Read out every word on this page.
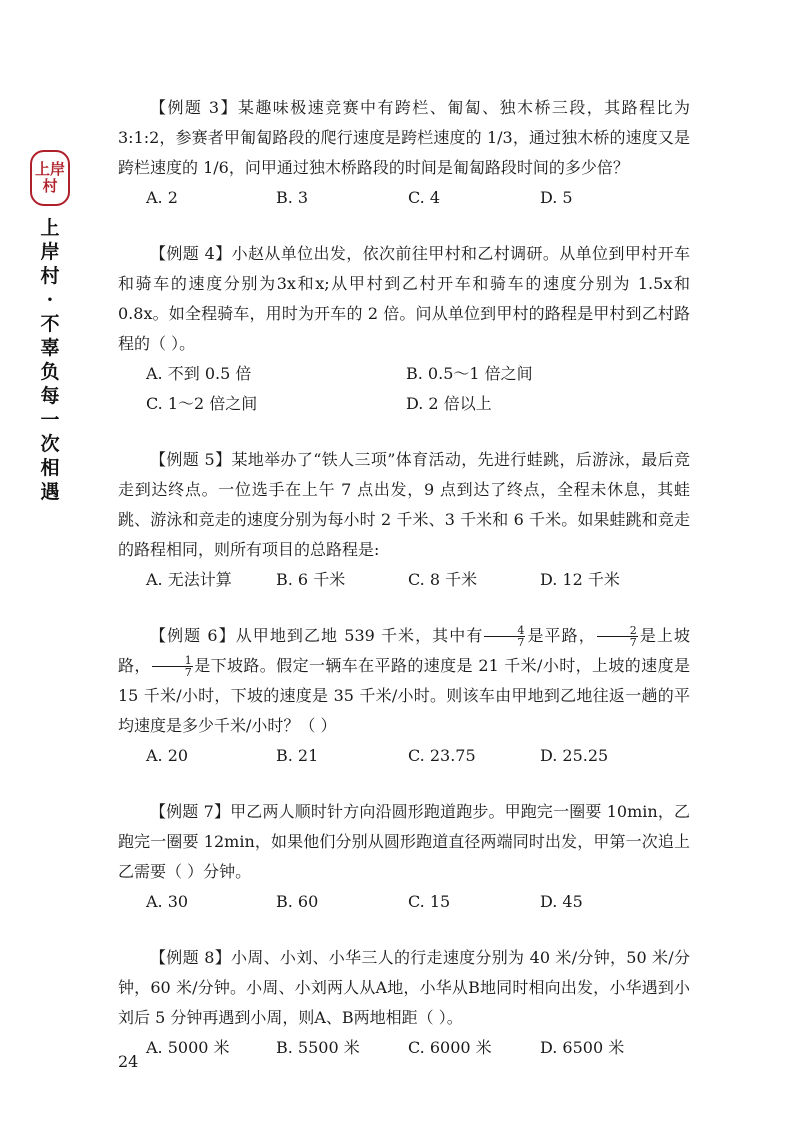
上岸
村
上
岸
村
·
不
辜
负
每
一
次
相
遇

【例题 3】某趣味极速竞赛中有跨栏、匍匐、独木桥三段，其路程比为 3:1:2，参赛者甲匍匐路段的爬行速度是跨栏速度的 1/3，通过独木桥的速度又是跨栏速度的 1/6，问甲通过独木桥路段的时间是匍匐路段时间的多少倍？

A. 2	B. 3	C. 4	D. 5

【例题 4】小赵从单位出发，依次前往甲村和乙村调研。从单位到甲村开车和骑车的速度分别为3x和x;从甲村到乙村开车和骑车的速度分别为 1.5x和 0.8x。如全程骑车，用时为开车的 2 倍。问从单位到甲村的路程是甲村到乙村路程的（ ）。

A. 不到 0.5 倍	B. 0.5～1 倍之间
C. 1～2 倍之间	D. 2 倍以上

【例题 5】某地举办了“铁人三项”体育活动，先进行蛙跳，后游泳，最后竞走到达终点。一位选手在上午 7 点出发，9 点到达了终点，全程未休息，其蛙跳、游泳和竞走的速度分别为每小时 2 千米、3 千米和 6 千米。如果蛙跳和竞走的路程相同，则所有项目的总路程是:

A. 无法计算	B. 6 千米	C. 8 千米	D. 12 千米

【例题 6】从甲地到乙地 539 千米，其中有 $\frac{4}{7}$ 是平路， $\frac{2}{7}$ 是上坡路， $\frac{1}{7}$ 是下坡路。假定一辆车在平路的速度是 21 千米/小时，上坡的速度是 15 千米/小时，下坡的速度是 35 千米/小时。则该车由甲地到乙地往返一趟的平均速度是多少千米/小时？（ ）

A. 20	B. 21	C. 23.75	D. 25.25

【例题 7】甲乙两人顺时针方向沿圆形跑道跑步。甲跑完一圈要 10min，乙跑完一圈要 12min，如果他们分别从圆形跑道直径两端同时出发，甲第一次追上乙需要（ ）分钟。

A. 30	B. 60	C. 15	D. 45

【例题 8】小周、小刘、小华三人的行走速度分别为 40 米/分钟，50 米/分钟，60 米/分钟。小周、小刘两人从A地，小华从B地同时相向出发，小华遇到小刘后 5 分钟再遇到小周，则A、B两地相距（ ）。

A. 5000 米	B. 5500 米	C. 6000 米	D. 6500 米
24
